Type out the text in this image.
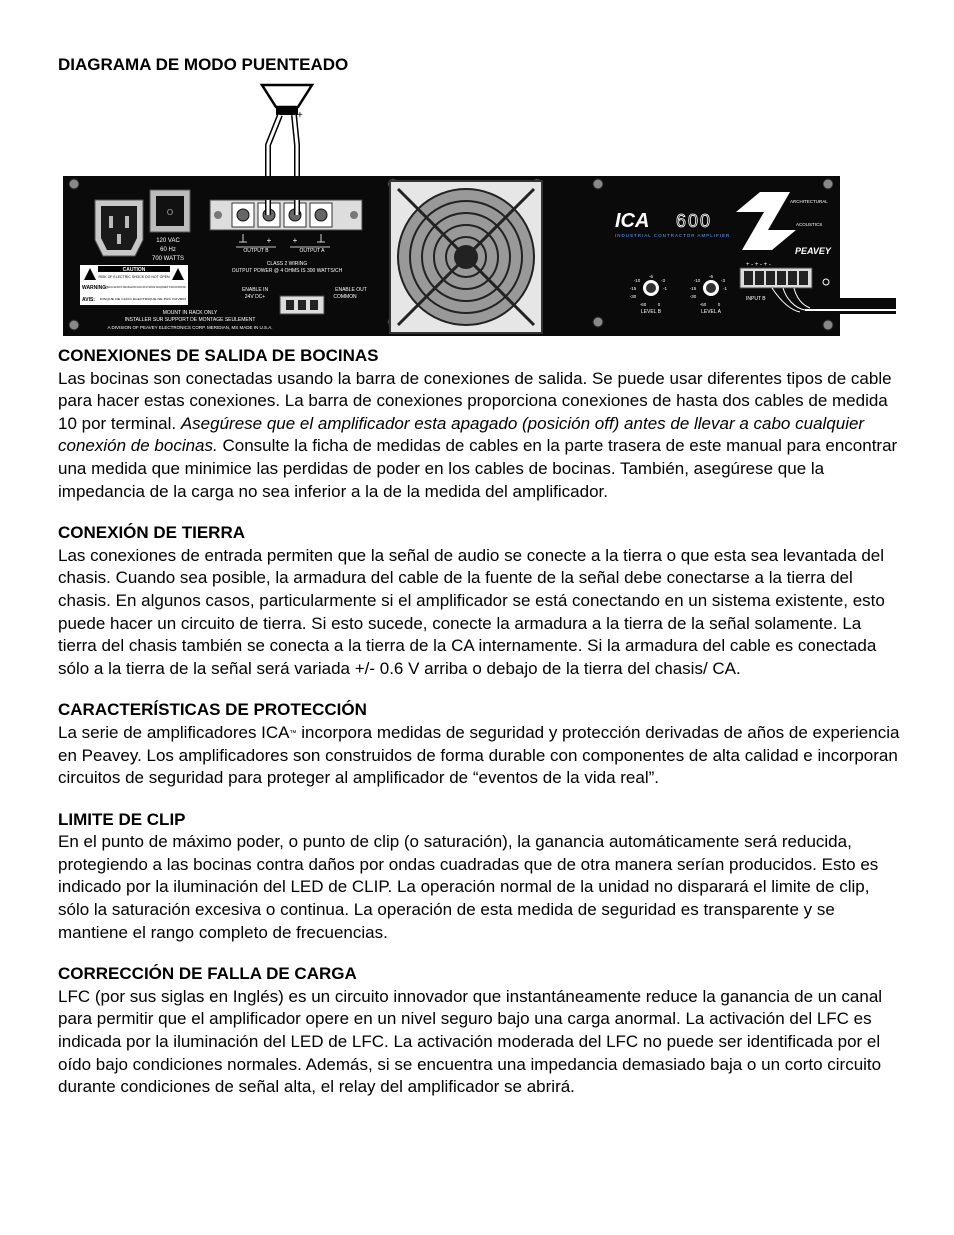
DIAGRAMA DE MODO PUENTEADO
+
O
120 VAC
60 Hz
700 WATTS
CAUTION
RISK OF ELECTRIC SHOCK DO NOT OPEN
WARNING:
TO REDUCE THE RISK OF FIRE OR ELECTRIC SHOCK DO NOT EXPOSE THIS EQUIPMENT TO RAIN OR MOISTURE.
AVIS: RISQUE DE CHOC ELECTRIQUE NE PAS OUVRIR
MOUNT IN RACK ONLY
INSTALLER SUR SUPPORT DE MONTAGE SEULEMENT
A DIVISION OF PEAVEY ELECTRONICS CORP. MERIDIAN, MS MADE IN U.S.A.
+	+
OUTPUT B	OUTPUT A
CLASS 2 WIRING
OUTPUT POWER @ 4 OHMS IS 300 WATTS/CH
ENABLE IN
24V DC+
ENABLE OUT
COMMON
ICA 600
INDUSTRIAL CONTRACTOR AMPLIFIER
ARCHITECTURAL
ACOUSTICS
PEAVEY
-10
-6
-3
-15	-1
-30
-60	0
-10
-6
-3
-15	-1
-30
-60	0
LEVEL B	LEVEL A
+ - + - + -
INPUT B
CONEXIONES DE SALIDA DE BOCINAS

Las bocinas son conectadas usando la barra de conexiones de salida. Se puede usar diferentes tipos de cable para hacer estas conexiones. La barra de conexiones proporciona conexiones de hasta dos cables de medida 10 por terminal. Asegúrese que el amplificador esta apagado (posición off) antes de llevar a cabo cualquier conexión de bocinas. Consulte la ficha de medidas de cables en la parte trasera de este manual para encontrar una medida que minimice las perdidas de poder en los cables de bocinas. También, asegúrese que la impedancia de la carga no sea inferior a la de la medida del amplificador.

CONEXIÓN DE TIERRA

Las conexiones de entrada permiten que la señal de audio se conecte a la tierra o que esta sea levantada del chasis. Cuando sea posible, la armadura del cable de la fuente de la señal debe conectarse a la tierra del chasis. En algunos casos, particularmente si el amplificador se está conectando en un sistema existente, esto puede hacer un circuito de tierra. Si esto sucede, conecte la armadura a la tierra de la señal solamente. La tierra del chasis también se conecta a la tierra de la CA internamente. Si la armadura del cable es conectada sólo a la tierra de la señal será variada +/- 0.6 V arriba o debajo de la tierra del chasis/ CA.

CARACTERÍSTICAS DE PROTECCIÓN

La serie de amplificadores ICA™ incorpora medidas de seguridad y protección derivadas de años de experiencia en Peavey. Los amplificadores son construidos de forma durable con componentes de alta calidad e incorporan circuitos de seguridad para proteger al amplificador de “eventos de la vida real”.

LIMITE DE CLIP

En el punto de máximo poder, o punto de clip (o saturación), la ganancia automáticamente será reducida, protegiendo a las bocinas contra daños por ondas cuadradas que de otra manera serían producidos. Esto es indicado por la iluminación del LED de CLIP. La operación normal de la unidad no disparará el limite de clip, sólo la saturación excesiva o continua. La operación de esta medida de seguridad es transparente y se mantiene el rango completo de frecuencias.

CORRECCIÓN DE FALLA DE CARGA

LFC (por sus siglas en Inglés) es un circuito innovador que instantáneamente reduce la ganancia de un canal para permitir que el amplificador opere en un nivel seguro bajo una carga anormal. La activación del LFC es indicada por la iluminación del LED de LFC. La activación moderada del LFC no puede ser identificada por el oído bajo condiciones normales. Además, si se encuentra una impedancia demasiado baja o un corto circuito durante condiciones de señal alta, el relay del amplificador se abrirá.
